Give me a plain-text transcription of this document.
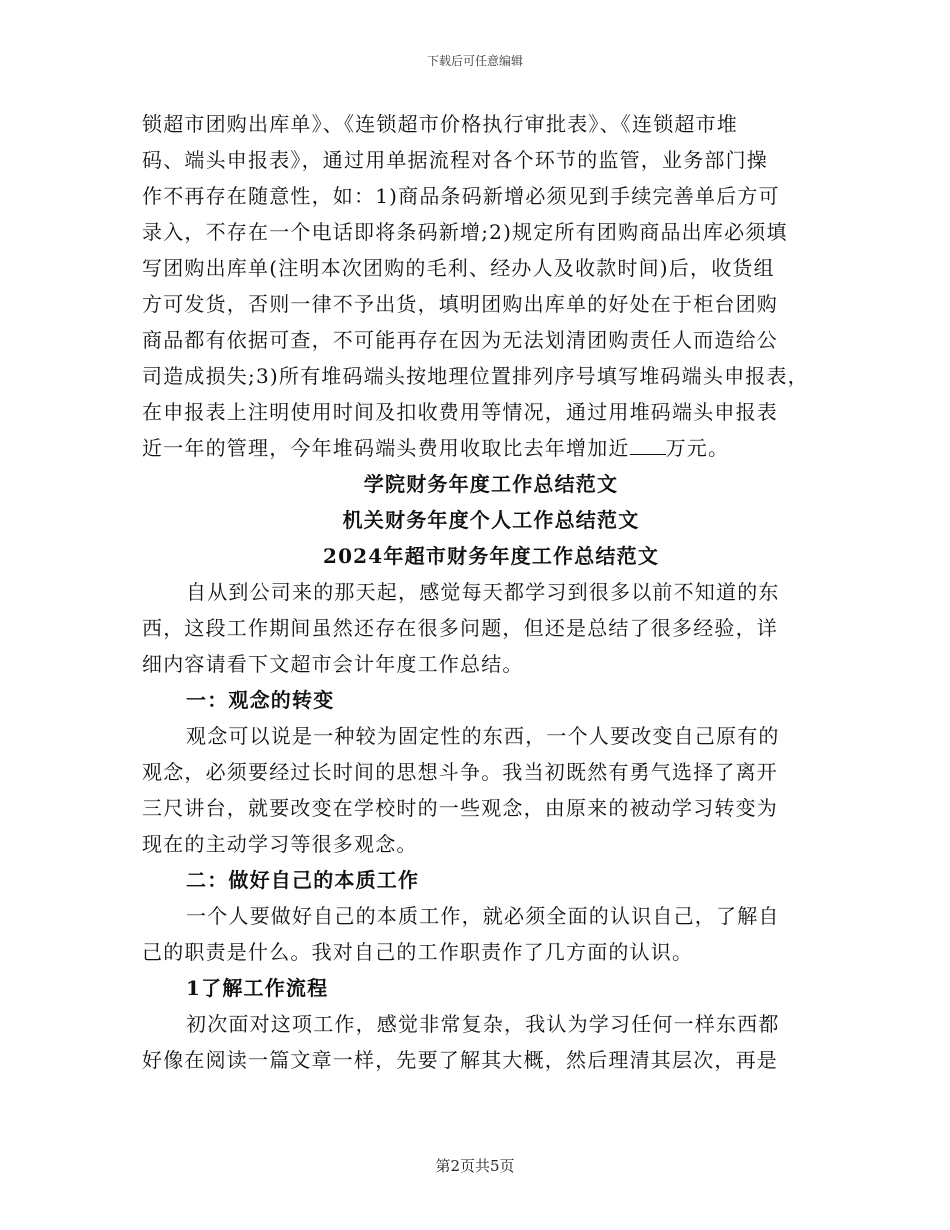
下载后可任意编辑

锁超市团购出库单》、《连锁超市价格执行审批表》、《连锁超市堆

码、端头申报表》，通过用单据流程对各个环节的监管，业务部门操

作不再存在随意性，如：1)商品条码新增必须见到手续完善单后方可

录入，不存在一个电话即将条码新增;2)规定所有团购商品出库必须填

写团购出库单(注明本次团购的毛利、经办人及收款时间)后，收货组

方可发货，否则一律不予出货，填明团购出库单的好处在于柜台团购

商品都有依据可查，不可能再存在因为无法划清团购责任人而造给公

司造成损失;3)所有堆码端头按地理位置排列序号填写堆码端头申报表，

在申报表上注明使用时间及扣收费用等情况，通过用堆码端头申报表

近一年的管理，今年堆码端头费用收取比去年增加近 万元。

学院财务年度工作总结范文

机关财务年度个人工作总结范文

2024年超市财务年度工作总结范文

自从到公司来的那天起，感觉每天都学习到很多以前不知道的东

西，这段工作期间虽然还存在很多问题，但还是总结了很多经验，详

细内容请看下文超市会计年度工作总结。

一：观念的转变

观念可以说是一种较为固定性的东西，一个人要改变自己原有的

观念，必须要经过长时间的思想斗争。我当初既然有勇气选择了离开

三尺讲台，就要改变在学校时的一些观念，由原来的被动学习转变为

现在的主动学习等很多观念。

二：做好自己的本质工作

一个人要做好自己的本质工作，就必须全面的认识自己，了解自

己的职责是什么。我对自己的工作职责作了几方面的认识。

1了解工作流程

初次面对这项工作，感觉非常复杂，我认为学习任何一样东西都

好像在阅读一篇文章一样，先要了解其大概，然后理清其层次，再是

第2页共5页
